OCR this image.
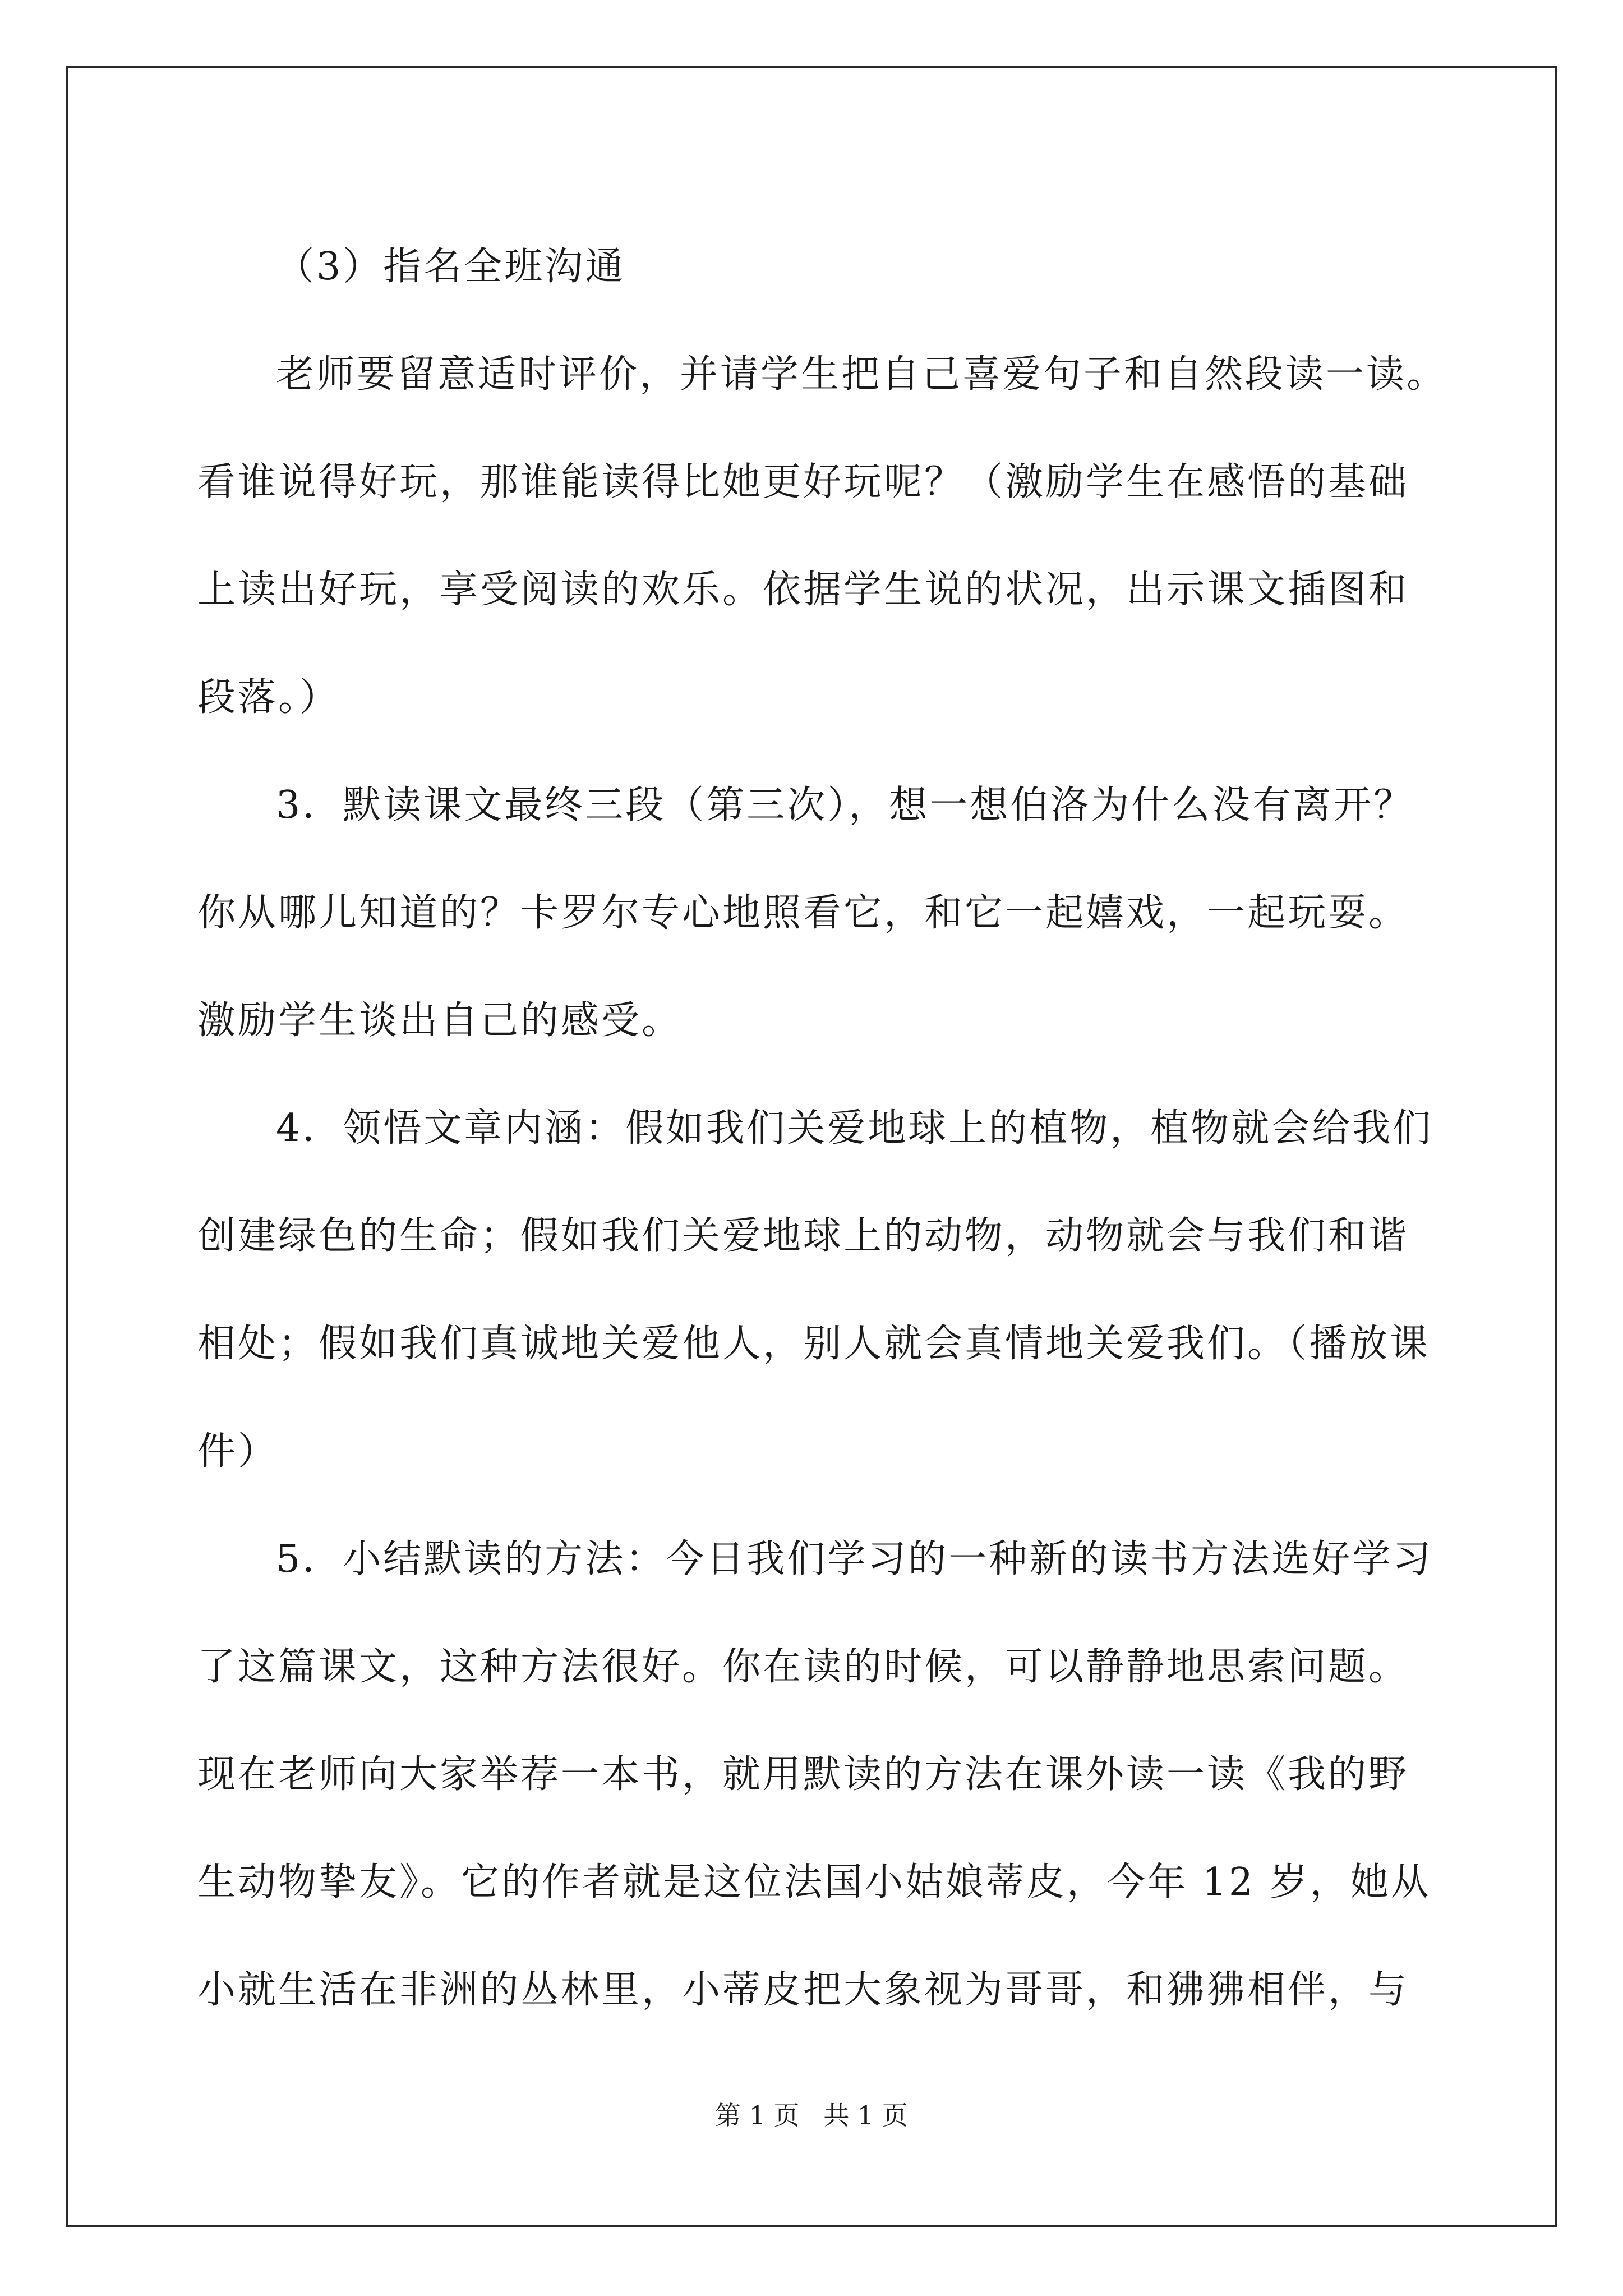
（3）指名全班沟通

老师要留意适时评价，并请学生把自己喜爱句子和自然段读一读。
看谁说得好玩，那谁能读得比她更好玩呢？（激励学生在感悟的基础
上读出好玩，享受阅读的欢乐。依据学生说的状况，出示课文插图和
段落。）

3．默读课文最终三段（第三次），想一想伯洛为什么没有离开？
你从哪儿知道的？卡罗尔专心地照看它，和它一起嬉戏，一起玩耍。
激励学生谈出自己的感受。

4．领悟文章内涵：假如我们关爱地球上的植物，植物就会给我们
创建绿色的生命；假如我们关爱地球上的动物，动物就会与我们和谐
相处；假如我们真诚地关爱他人，别人就会真情地关爱我们。（播放课
件）

5．小结默读的方法：今日我们学习的一种新的读书方法选好学习
了这篇课文，这种方法很好。你在读的时候，可以静静地思索问题。
现在老师向大家举荐一本书，就用默读的方法在课外读一读《我的野
生动物挚友》。它的作者就是这位法国小姑娘蒂皮，今年 12 岁，她从
小就生活在非洲的丛林里，小蒂皮把大象视为哥哥，和狒狒相伴，与

第 1 页 共 1 页
